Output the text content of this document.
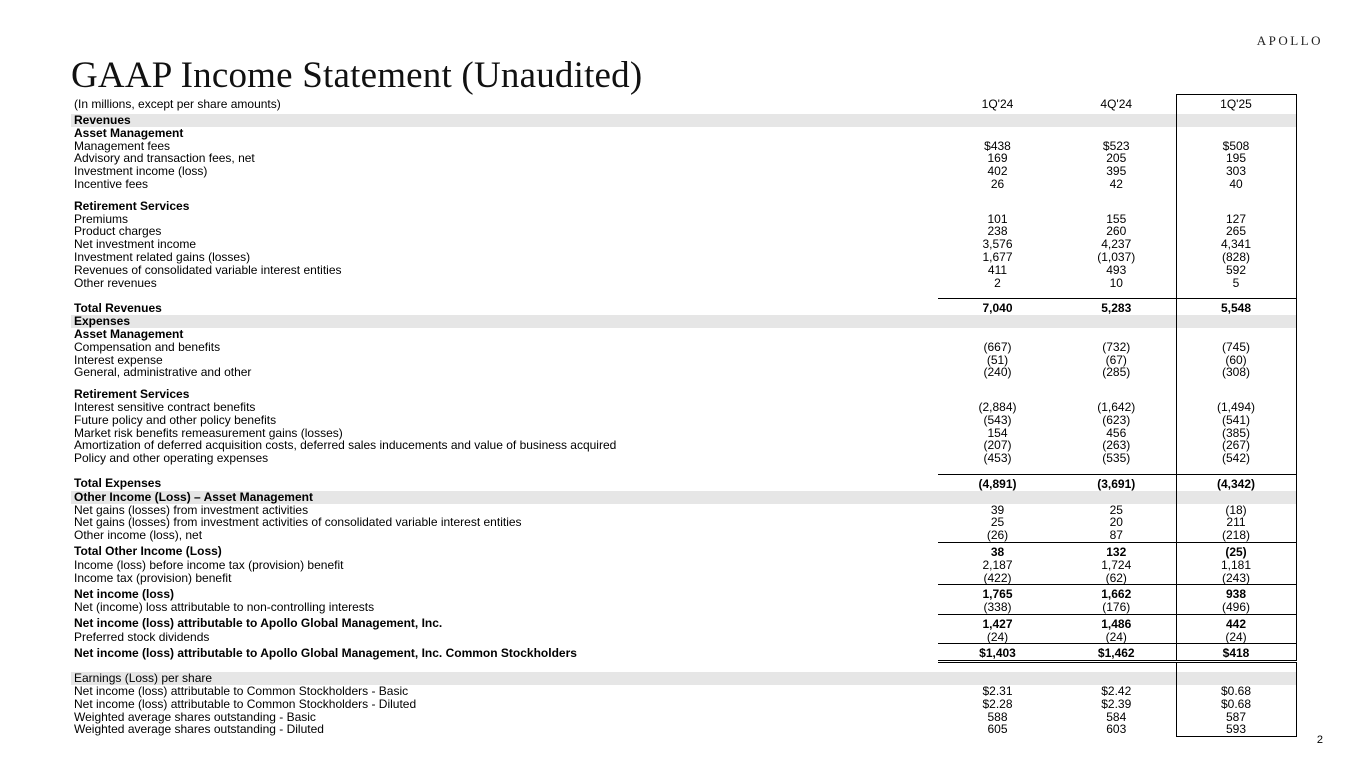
APOLLO
GAAP Income Statement (Unaudited)
(In millions, except per share amounts)	1Q'24	4Q'24	1Q'25
Revenues			
Asset Management			
Management fees	$438	$523	$508
Advisory and transaction fees, net	169	205	195
Investment income (loss)	402	395	303
Incentive fees	26	42	40

Retirement Services			
Premiums	101	155	127
Product charges	238	260	265
Net investment income	3,576	4,237	4,341
Investment related gains (losses)	1,677	(1,037)	(828)
Revenues of consolidated variable interest entities	411	493	592
Other revenues	2	10	5

Total Revenues	7,040	5,283	5,548
Expenses			
Asset Management			
Compensation and benefits	(667)	(732)	(745)
Interest expense	(51)	(67)	(60)
General, administrative and other	(240)	(285)	(308)

Retirement Services			
Interest sensitive contract benefits	(2,884)	(1,642)	(1,494)
Future policy and other policy benefits	(543)	(623)	(541)
Market risk benefits remeasurement gains (losses)	154	456	(385)
Amortization of deferred acquisition costs, deferred sales inducements and value of business acquired	(207)	(263)	(267)
Policy and other operating expenses	(453)	(535)	(542)

Total Expenses	(4,891)	(3,691)	(4,342)
Other Income (Loss) – Asset Management			
Net gains (losses) from investment activities	39	25	(18)
Net gains (losses) from investment activities of consolidated variable interest entities	25	20	211
Other income (loss), net	(26)	87	(218)
Total Other Income (Loss)	38	132	(25)
Income (loss) before income tax (provision) benefit	2,187	1,724	1,181
Income tax (provision) benefit	(422)	(62)	(243)
Net income (loss)	1,765	1,662	938
Net (income) loss attributable to non-controlling interests	(338)	(176)	(496)
Net income (loss) attributable to Apollo Global Management, Inc.	1,427	1,486	442
Preferred stock dividends	(24)	(24)	(24)
Net income (loss) attributable to Apollo Global Management, Inc. Common Stockholders	$1,403	$1,462	$418

Earnings (Loss) per share			
Net income (loss) attributable to Common Stockholders - Basic	$2.31	$2.42	$0.68
Net income (loss) attributable to Common Stockholders - Diluted	$2.28	$2.39	$0.68
Weighted average shares outstanding - Basic	588	584	587
Weighted average shares outstanding - Diluted	605	603	593
2
